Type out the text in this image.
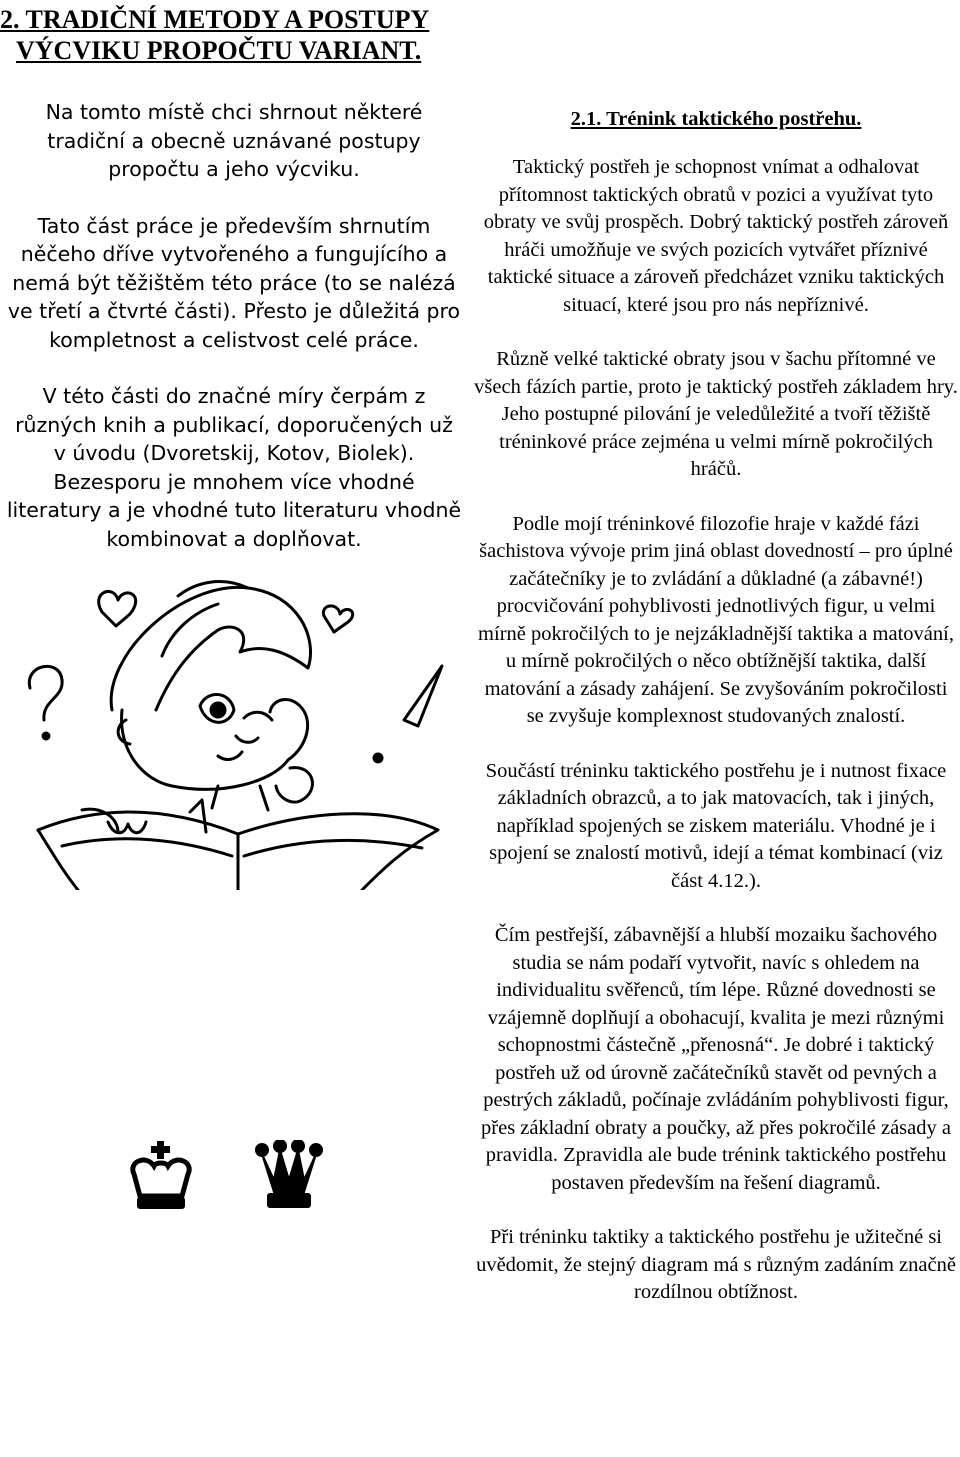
2. TRADIČNÍ METODY A POSTUPY
VÝCVIKU PROPOČTU VARIANT.

Na tomto místě chci shrnout některé tradiční a obecně uznávané postupy propočtu a jeho výcviku.

Tato část práce je především shrnutím něčeho dříve vytvořeného a fungujícího a nemá být těžištěm této práce (to se nalézá ve třetí a čtvrté části). Přesto je důležitá pro kompletnost a celistvost celé práce.

V této části do značné míry čerpám z různých knih a publikací, doporučených už v úvodu (Dvoretskij, Kotov, Biolek). Bezesporu je mnohem více vhodné literatury a je vhodné tuto literaturu vhodně kombinovat a doplňovat.

2.1. Trénink taktického postřehu.

Taktický postřeh je schopnost vnímat a odhalovat přítomnost taktických obratů v pozici a využívat tyto obraty ve svůj prospěch. Dobrý taktický postřeh zároveň hráči umožňuje ve svých pozicích vytvářet příznivé taktické situace a zároveň předcházet vzniku taktických situací, které jsou pro nás nepříznivé.

Různě velké taktické obraty jsou v šachu přítomné ve všech fázích partie, proto je taktický postřeh základem hry. Jeho postupné pilování je veledůležité a tvoří těžiště tréninkové práce zejména u velmi mírně pokročilých hráčů.

Podle mojí tréninkové filozofie hraje v každé fázi šachistova vývoje prim jiná oblast dovedností – pro úplné začátečníky je to zvládání a důkladné (a zábavné!) procvičování pohyblivosti jednotlivých figur, u velmi mírně pokročilých to je nejzákladnější taktika a matování, u mírně pokročilých o něco obtížnější taktika, další matování a zásady zahájení. Se zvyšováním pokročilosti se zvyšuje komplexnost studovaných znalostí.

Součástí tréninku taktického postřehu je i nutnost fixace základních obrazců, a to jak matovacích, tak i jiných, například spojených se ziskem materiálu. Vhodné je i spojení se znalostí motivů, idejí a témat kombinací (viz část 4.12.).

Čím pestřejší, zábavnější a hlubší mozaiku šachového studia se nám podaří vytvořit, navíc s ohledem na individualitu svěřenců, tím lépe. Různé dovednosti se vzájemně doplňují a obohacují, kvalita je mezi různými schopnostmi částečně „přenosná“. Je dobré i taktický postřeh už od úrovně začátečníků stavět od pevných a pestrých základů, počínaje zvládáním pohyblivosti figur, přes základní obraty a poučky, až přes pokročilé zásady a pravidla. Zpravidla ale bude trénink taktického postřehu postaven především na řešení diagramů.

Při tréninku taktiky a taktického postřehu je užitečné si uvědomit, že stejný diagram má s různým zadáním značně rozdílnou obtížnost.
